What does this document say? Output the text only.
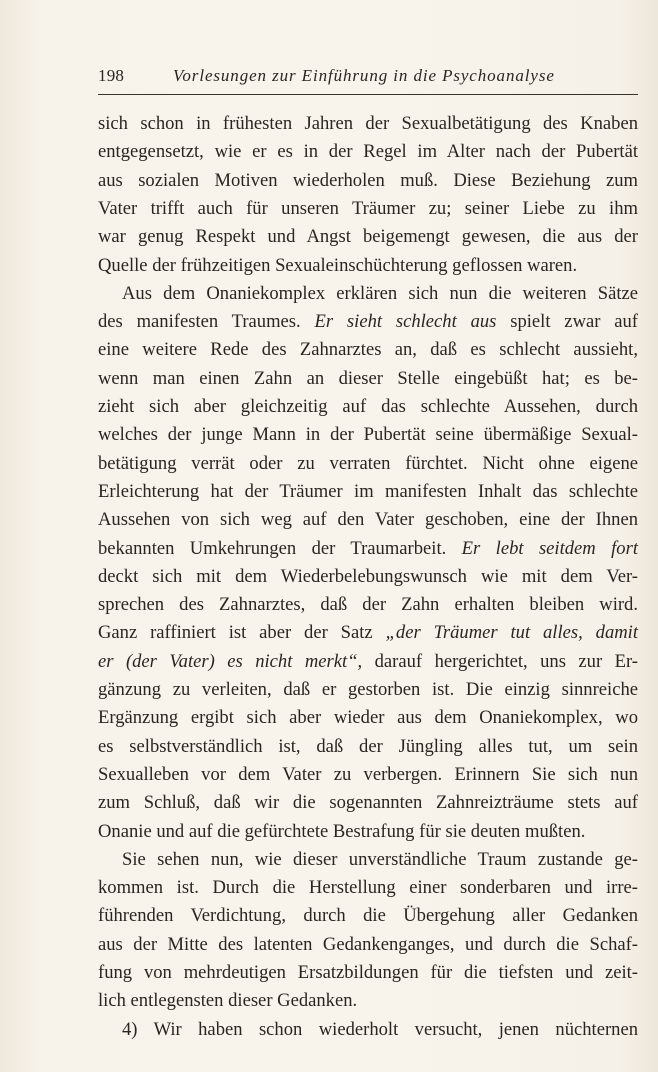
198	Vorlesungen zur Einführung in die Psychoanalyse
sich schon in frühesten Jahren der Sexualbetätigung des Knaben
entgegensetzt, wie er es in der Regel im Alter nach der Pubertät
aus sozialen Motiven wiederholen muß. Diese Beziehung zum
Vater trifft auch für unseren Träumer zu; seiner Liebe zu ihm
war genug Respekt und Angst beigemengt gewesen, die aus der
Quelle der frühzeitigen Sexualeinschüchterung geflossen waren.
Aus dem Onaniekomplex erklären sich nun die weiteren Sätze
des manifesten Traumes. Er sieht schlecht aus spielt zwar auf
eine weitere Rede des Zahnarztes an, daß es schlecht aussieht,
wenn man einen Zahn an dieser Stelle eingebüßt hat; es be-
zieht sich aber gleichzeitig auf das schlechte Aussehen, durch
welches der junge Mann in der Pubertät seine übermäßige Sexual-
betätigung verrät oder zu verraten fürchtet. Nicht ohne eigene
Erleichterung hat der Träumer im manifesten Inhalt das schlechte
Aussehen von sich weg auf den Vater geschoben, eine der Ihnen
bekannten Umkehrungen der Traumarbeit. Er lebt seitdem fort
deckt sich mit dem Wiederbelebungswunsch wie mit dem Ver-
sprechen des Zahnarztes, daß der Zahn erhalten bleiben wird.
Ganz raffiniert ist aber der Satz „der Träumer tut alles, damit
er (der Vater) es nicht merkt“, darauf hergerichtet, uns zur Er-
gänzung zu verleiten, daß er gestorben ist. Die einzig sinnreiche
Ergänzung ergibt sich aber wieder aus dem Onaniekomplex, wo
es selbstverständlich ist, daß der Jüngling alles tut, um sein
Sexualleben vor dem Vater zu verbergen. Erinnern Sie sich nun
zum Schluß, daß wir die sogenannten Zahnreizträume stets auf
Onanie und auf die gefürchtete Bestrafung für sie deuten mußten.
Sie sehen nun, wie dieser unverständliche Traum zustande ge-
kommen ist. Durch die Herstellung einer sonderbaren und irre-
führenden Verdichtung, durch die Übergehung aller Gedanken
aus der Mitte des latenten Gedankenganges, und durch die Schaf-
fung von mehrdeutigen Ersatzbildungen für die tiefsten und zeit-
lich entlegensten dieser Gedanken.
4) Wir haben schon wiederholt versucht, jenen nüchternen
